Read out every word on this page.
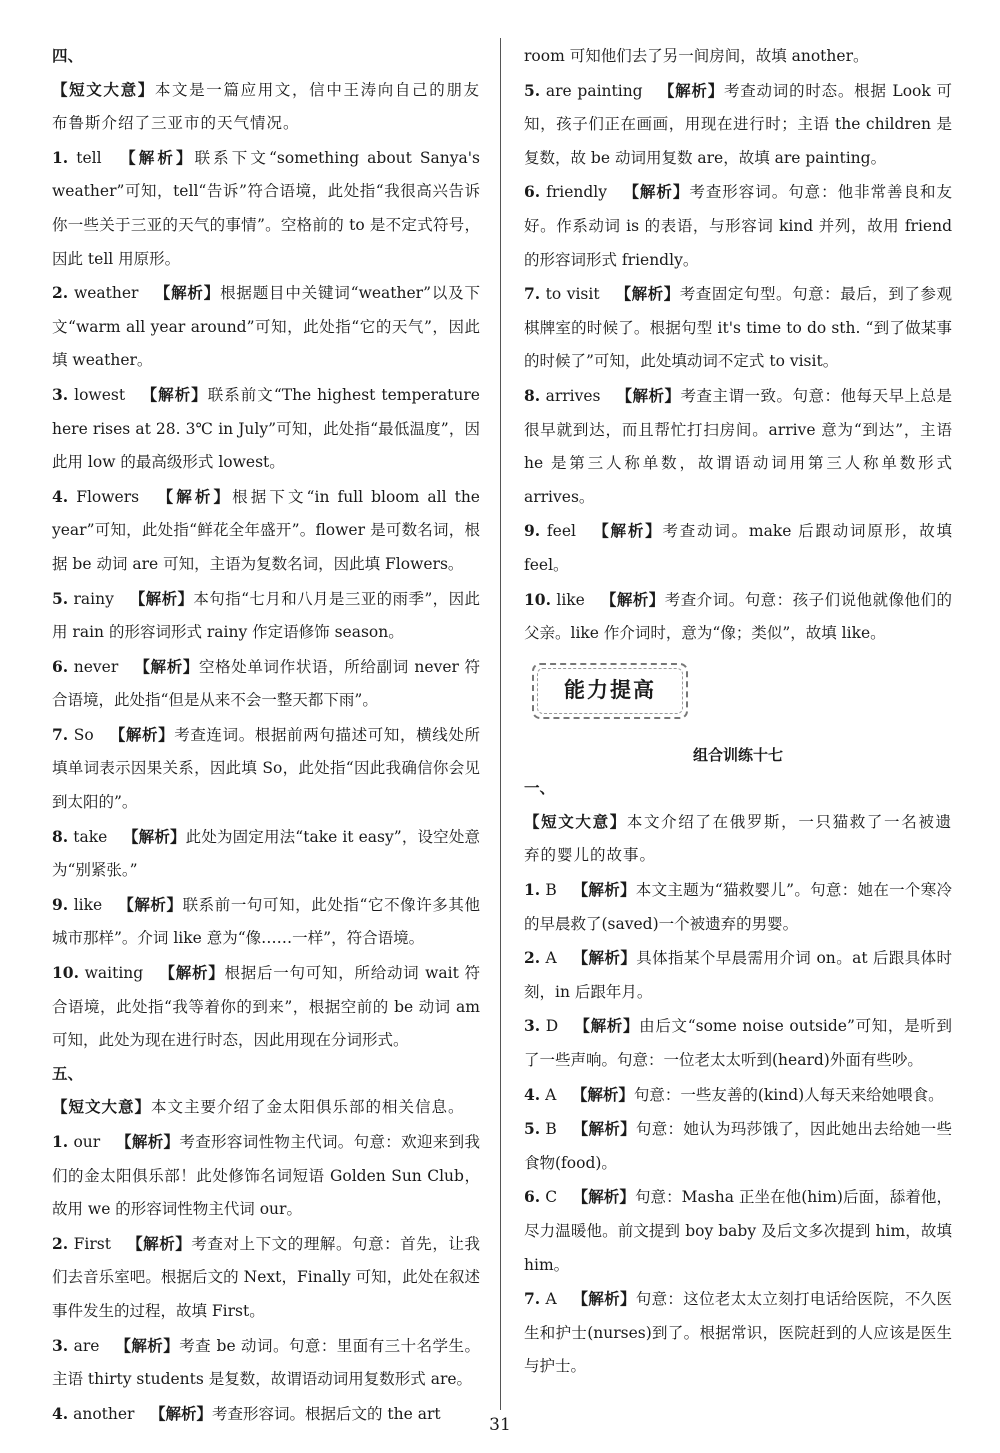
四、

【短文大意】本文是一篇应用文，信中王涛向自己的朋友布鲁斯介绍了三亚市的天气情况。

1. tell  【解析】联系下文“something about Sanya's weather”可知，tell“告诉”符合语境，此处指“我很高兴告诉你一些关于三亚的天气的事情”。空格前的 to 是不定式符号，因此 tell 用原形。

2. weather  【解析】根据题目中关键词“weather”以及下文“warm all year around”可知，此处指“它的天气”，因此填 weather。

3. lowest  【解析】联系前文“The highest temperature here rises at 28. 3℃ in July”可知，此处指“最低温度”，因此用 low 的最高级形式 lowest。

4. Flowers  【解析】根据下文“in full bloom all the year”可知，此处指“鲜花全年盛开”。flower 是可数名词，根据 be 动词 are 可知，主语为复数名词，因此填 Flowers。

5. rainy  【解析】本句指“七月和八月是三亚的雨季”，因此用 rain 的形容词形式 rainy 作定语修饰 season。

6. never  【解析】空格处单词作状语，所给副词 never 符合语境，此处指“但是从来不会一整天都下雨”。

7. So  【解析】考查连词。根据前两句描述可知，横线处所填单词表示因果关系，因此填 So，此处指“因此我确信你会见到太阳的”。

8. take  【解析】此处为固定用法“take it easy”，设空处意为“别紧张。”

9. like  【解析】联系前一句可知，此处指“它不像许多其他城市那样”。介词 like 意为“像……一样”，符合语境。

10. waiting  【解析】根据后一句可知，所给动词 wait 符合语境，此处指“我等着你的到来”，根据空前的 be 动词 am 可知，此处为现在进行时态，因此用现在分词形式。

五、

【短文大意】本文主要介绍了金太阳俱乐部的相关信息。

1. our  【解析】考查形容词性物主代词。句意：欢迎来到我们的金太阳俱乐部！此处修饰名词短语 Golden Sun Club，故用 we 的形容词性物主代词 our。

2. First  【解析】考查对上下文的理解。句意：首先，让我们去音乐室吧。根据后文的 Next，Finally 可知，此处在叙述事件发生的过程，故填 First。

3. are  【解析】考查 be 动词。句意：里面有三十名学生。主语 thirty students 是复数，故谓语动词用复数形式 are。

4. another  【解析】考查形容词。根据后文的 the art

room 可知他们去了另一间房间，故填 another。

5. are painting  【解析】考查动词的时态。根据 Look 可知，孩子们正在画画，用现在进行时；主语 the children 是复数，故 be 动词用复数 are，故填 are painting。

6. friendly  【解析】考查形容词。句意：他非常善良和友好。作系动词 is 的表语，与形容词 kind 并列，故用 friend 的形容词形式 friendly。

7. to visit  【解析】考查固定句型。句意：最后，到了参观棋牌室的时候了。根据句型 it's time to do sth. “到了做某事的时候了”可知，此处填动词不定式 to visit。

8. arrives  【解析】考查主谓一致。句意：他每天早上总是很早就到达，而且帮忙打扫房间。arrive 意为“到达”，主语 he 是第三人称单数，故谓语动词用第三人称单数形式 arrives。

9. feel  【解析】考查动词。make 后跟动词原形，故填 feel。

10. like  【解析】考查介词。句意：孩子们说他就像他们的父亲。like 作介词时，意为“像；类似”，故填 like。

能力提高
组合训练十七

一、

【短文大意】本文介绍了在俄罗斯，一只猫救了一名被遗弃的婴儿的故事。

1. B  【解析】本文主题为“猫救婴儿”。句意：她在一个寒冷的早晨救了(saved)一个被遗弃的男婴。

2. A  【解析】具体指某个早晨需用介词 on。at 后跟具体时刻，in 后跟年月。

3. D  【解析】由后文“some noise outside”可知，是听到了一些声响。句意：一位老太太听到(heard)外面有些吵。

4. A  【解析】句意：一些友善的(kind)人每天来给她喂食。

5. B  【解析】句意：她认为玛莎饿了，因此她出去给她一些食物(food)。

6. C  【解析】句意：Masha 正坐在他(him)后面，舔着他，尽力温暖他。前文提到 boy baby 及后文多次提到 him，故填 him。

7. A  【解析】句意：这位老太太立刻打电话给医院，不久医生和护士(nurses)到了。根据常识，医院赶到的人应该是医生与护士。

31
